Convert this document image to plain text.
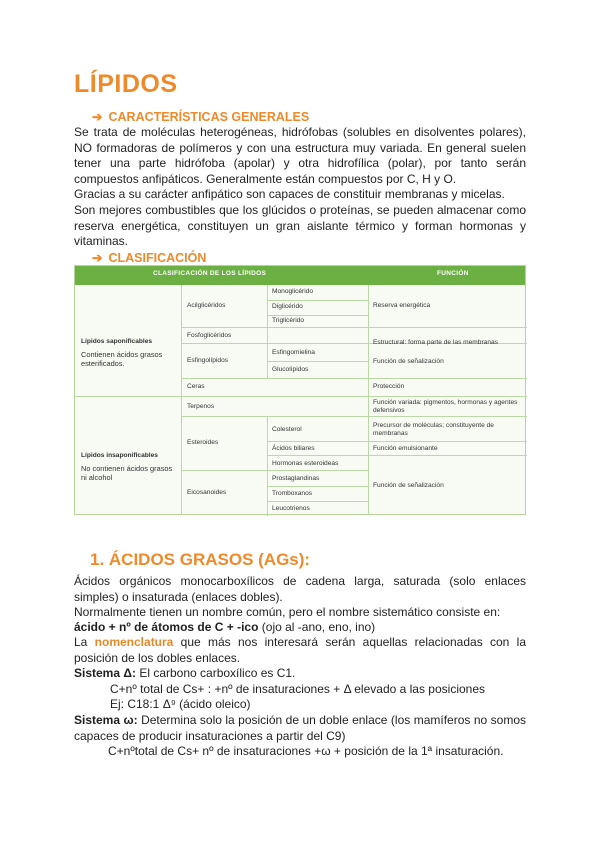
LÍPIDOS

➔ CARACTERÍSTICAS GENERALES

Se trata de moléculas heterogéneas, hidrófobas (solubles en disolventes polares), NO formadoras de polímeros y con una estructura muy variada. En general suelen tener una parte hidrófoba (apolar) y otra hidrofílica (polar), por tanto serán compuestos anfipáticos. Generalmente están compuestos por C, H y O.

Gracias a su carácter anfipático son capaces de constituir membranas y micelas.

Son mejores combustibles que los glúcidos o proteínas, se pueden almacenar como reserva energética, constituyen un gran aislante térmico y forman hormonas y vitaminas.

➔ CLASIFICACIÓN

CLASIFICACIÓN DE LOS LÍPIDOS	FUNCIÓN
Lípidos saponificables
Contienen ácidos grasos esterificados.
Lípidos insaponificables
No contienen ácidos grasos ni alcohol
Acilglicéridos
Fosfoglicéridos
Esfingolípidos
Ceras
Terpenos
Esteroides
Eicosanoides
Monoglicérido
Diglicérido
Triglicérido
Esfingomielina
Glucolípidos
Colesterol
Ácidos biliares
Hormonas esteroideas
Prostaglandinas
Tromboxanos
Leucotrienos
Reserva energética
Estructural: forma parte de las membranas
Función de señalización
Protección
Función variada: pigmentos, hormonas y agentes defensivos
Precursor de moléculas; constituyente de membranas
Función emulsionante
Función de señalización
1. ÁCIDOS GRASOS (AGs):

Ácidos orgánicos monocarboxílicos de cadena larga, saturada (solo enlaces simples) o insaturada (enlaces dobles).

Normalmente tienen un nombre común, pero el nombre sistemático consiste en:

ácido + nº de átomos de C + -ico (ojo al -ano, eno, ino)

La nomenclatura que más nos interesará serán aquellas relacionadas con la posición de los dobles enlaces.

Sistema Δ: El carbono carboxílico es C1.

C+nº total de Cs+ : +nº de insaturaciones + Δ elevado a las posiciones

Ej: C18:1 Δ⁹ (ácido oleico)

Sistema ω: Determina solo la posición de un doble enlace (los mamíferos no somos capaces de producir insaturaciones a partir del C9)

C+nºtotal de Cs+ nº de insaturaciones +ω + posición de la 1ª insaturación.
